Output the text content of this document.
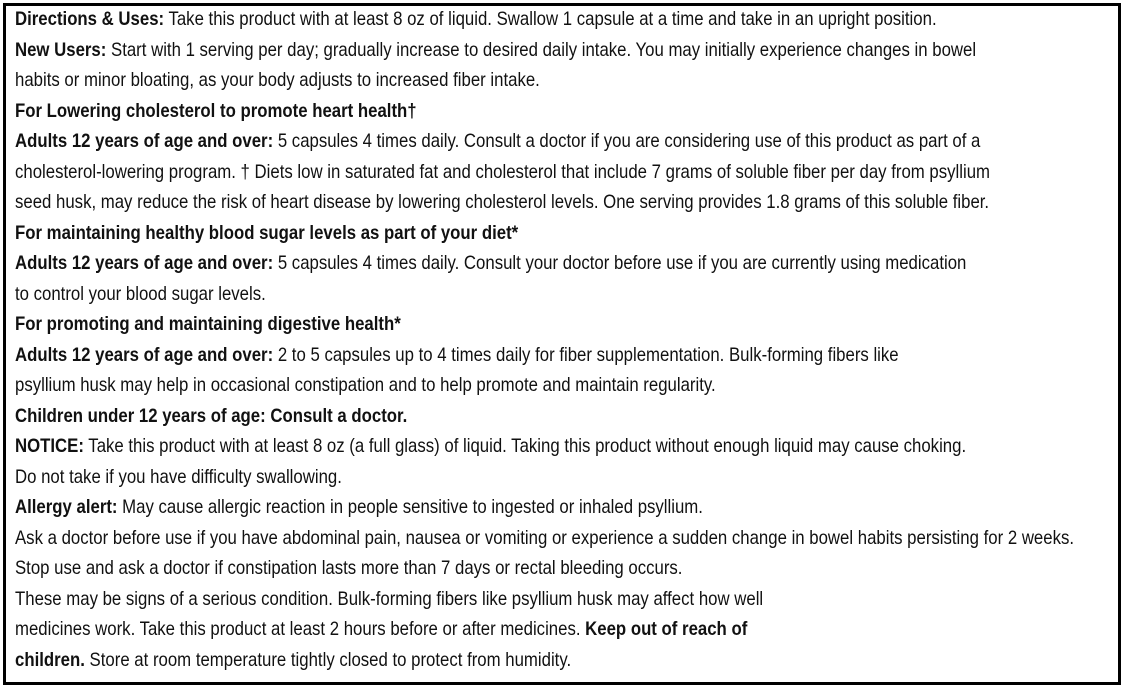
Directions & Uses: Take this product with at least 8 oz of liquid. Swallow 1 capsule at a time and take in an upright position.
New Users: Start with 1 serving per day; gradually increase to desired daily intake. You may initially experience changes in bowel
habits or minor bloating, as your body adjusts to increased fiber intake.
For Lowering cholesterol to promote heart health†
Adults 12 years of age and over: 5 capsules 4 times daily. Consult a doctor if you are considering use of this product as part of a
cholesterol-lowering program. † Diets low in saturated fat and cholesterol that include 7 grams of soluble fiber per day from psyllium
seed husk, may reduce the risk of heart disease by lowering cholesterol levels. One serving provides 1.8 grams of this soluble fiber.
For maintaining healthy blood sugar levels as part of your diet*
Adults 12 years of age and over: 5 capsules 4 times daily. Consult your doctor before use if you are currently using medication
to control your blood sugar levels.
For promoting and maintaining digestive health*
Adults 12 years of age and over: 2 to 5 capsules up to 4 times daily for fiber supplementation. Bulk-forming fibers like
psyllium husk may help in occasional constipation and to help promote and maintain regularity.
Children under 12 years of age: Consult a doctor.
NOTICE: Take this product with at least 8 oz (a full glass) of liquid. Taking this product without enough liquid may cause choking.
Do not take if you have difficulty swallowing.
Allergy alert: May cause allergic reaction in people sensitive to ingested or inhaled psyllium.
Ask a doctor before use if you have abdominal pain, nausea or vomiting or experience a sudden change in bowel habits persisting for 2 weeks.
Stop use and ask a doctor if constipation lasts more than 7 days or rectal bleeding occurs.
These may be signs of a serious condition. Bulk-forming fibers like psyllium husk may affect how well
medicines work. Take this product at least 2 hours before or after medicines. Keep out of reach of
children. Store at room temperature tightly closed to protect from humidity.
